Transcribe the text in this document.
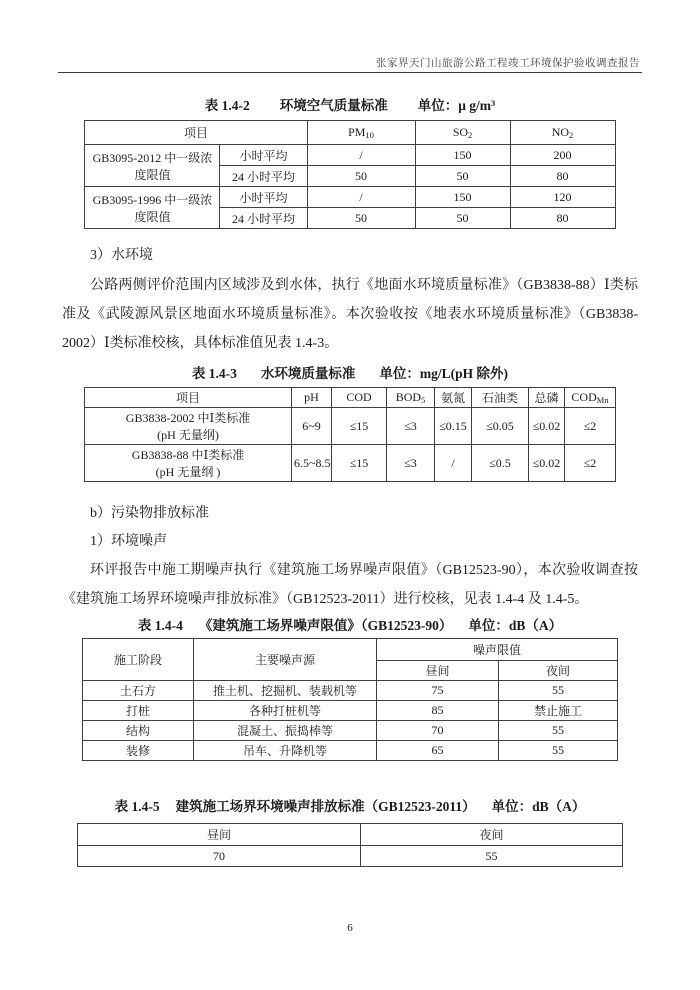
张家界天门山旅游公路工程竣工环境保护验收调查报告
表 1.4-2 环境空气质量标准 单位：μ $g/m^3$
项目		$PM_{10}$	$SO_2$	$NO_2$
GB3095-2012 中一级浓度限值	小时平均	/	150	200
	24 小时平均	50	50	80
GB3095-1996 中一级浓度限值	小时平均	/	150	120
	24 小时平均	50	50	80
3）水环境
公路两侧评价范围内区域涉及到水体，执行《地面水环境质量标准》（GB3838-88）Ⅰ类标准及《武陵源风景区地面水环境质量标准》。本次验收按《地表水环境质量标准》（GB3838-2002）Ⅰ类标准校核，具体标准值见表 1.4-3。
表 1.4-3 水环境质量标准 单位：mg/L(pH 除外)
项目	pH	COD	$BOD_5$	氨氮	石油类	总磷	$COD_{Mn}$

GB3838-2002 中Ⅰ类标准
(pH 无量纲)	6~9	≤15	≤3	≤0.15	≤0.05	≤0.02	≤2

GB3838-88 中Ⅰ类标准
(pH 无量纲 )	6.5~8.5	≤15	≤3	/	≤0.5	≤0.02	≤2
b）污染物排放标准
1）环境噪声
环评报告中施工期噪声执行《建筑施工场界噪声限值》（GB12523-90），本次验收调查按《建筑施工场界环境噪声排放标准》（GB12523-2011）进行校核，见表 1.4-4 及 1.4-5。
表 1.4-4 《建筑施工场界噪声限值》（GB12523-90） 单位：dB（A）
施工阶段	主要噪声源	噪声限值	
		昼间	夜间
土石方	推土机、挖掘机、装载机等	75	55
打桩	各种打桩机等	85	禁止施工
结构	混凝土、振捣棒等	70	55
装修	吊车、升降机等	65	55
表 1.4-5 建筑施工场界环境噪声排放标准（GB12523-2011） 单位：dB（A）
昼间	夜间
70	55
6
